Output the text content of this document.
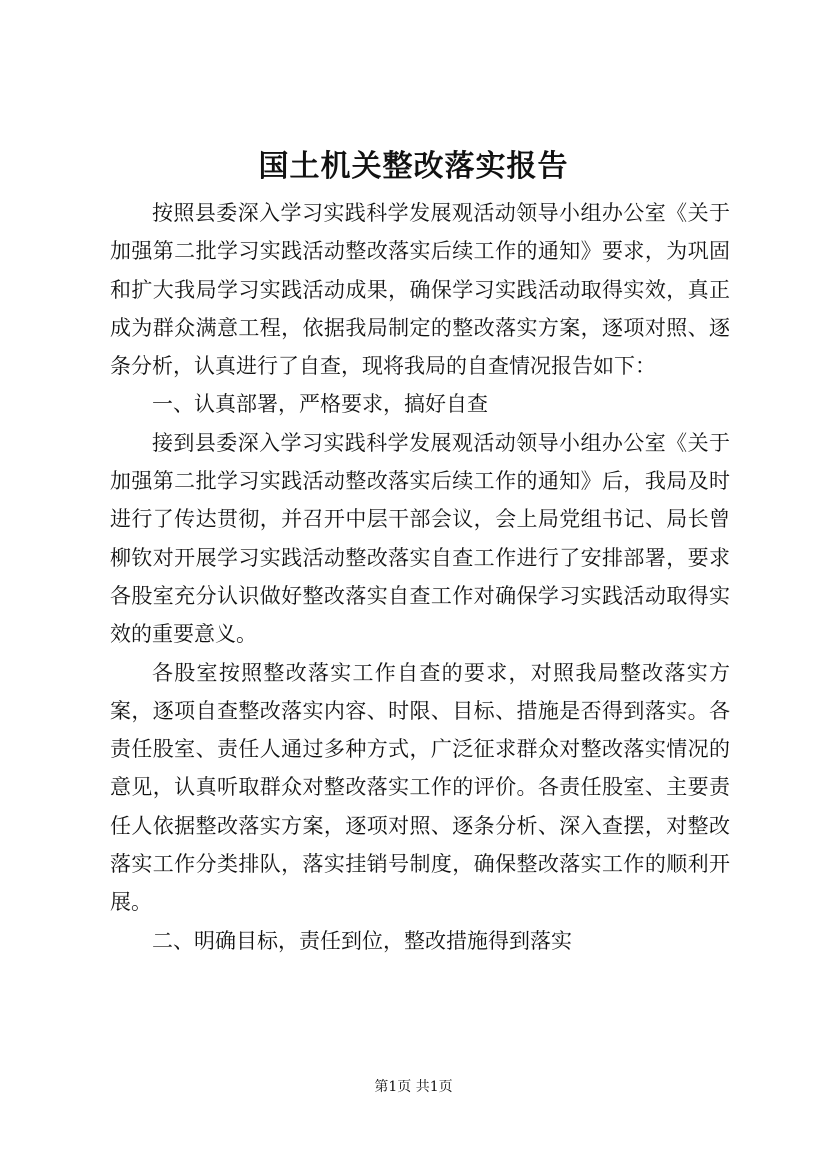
国土机关整改落实报告

按照县委深入学习实践科学发展观活动领导小组办公室《关于加强第二批学习实践活动整改落实后续工作的通知》要求，为巩固和扩大我局学习实践活动成果，确保学习实践活动取得实效，真正成为群众满意工程，依据我局制定的整改落实方案，逐项对照、逐条分析，认真进行了自查，现将我局的自查情况报告如下：

一、认真部署，严格要求，搞好自查

接到县委深入学习实践科学发展观活动领导小组办公室《关于加强第二批学习实践活动整改落实后续工作的通知》后，我局及时进行了传达贯彻，并召开中层干部会议，会上局党组书记、局长曾柳钦对开展学习实践活动整改落实自查工作进行了安排部署，要求各股室充分认识做好整改落实自查工作对确保学习实践活动取得实效的重要意义。

各股室按照整改落实工作自查的要求，对照我局整改落实方案，逐项自查整改落实内容、时限、目标、措施是否得到落实。各责任股室、责任人通过多种方式，广泛征求群众对整改落实情况的意见，认真听取群众对整改落实工作的评价。各责任股室、主要责任人依据整改落实方案，逐项对照、逐条分析、深入查摆，对整改落实工作分类排队，落实挂销号制度，确保整改落实工作的顺利开展。

二、明确目标，责任到位，整改措施得到落实

第1页 共1页
